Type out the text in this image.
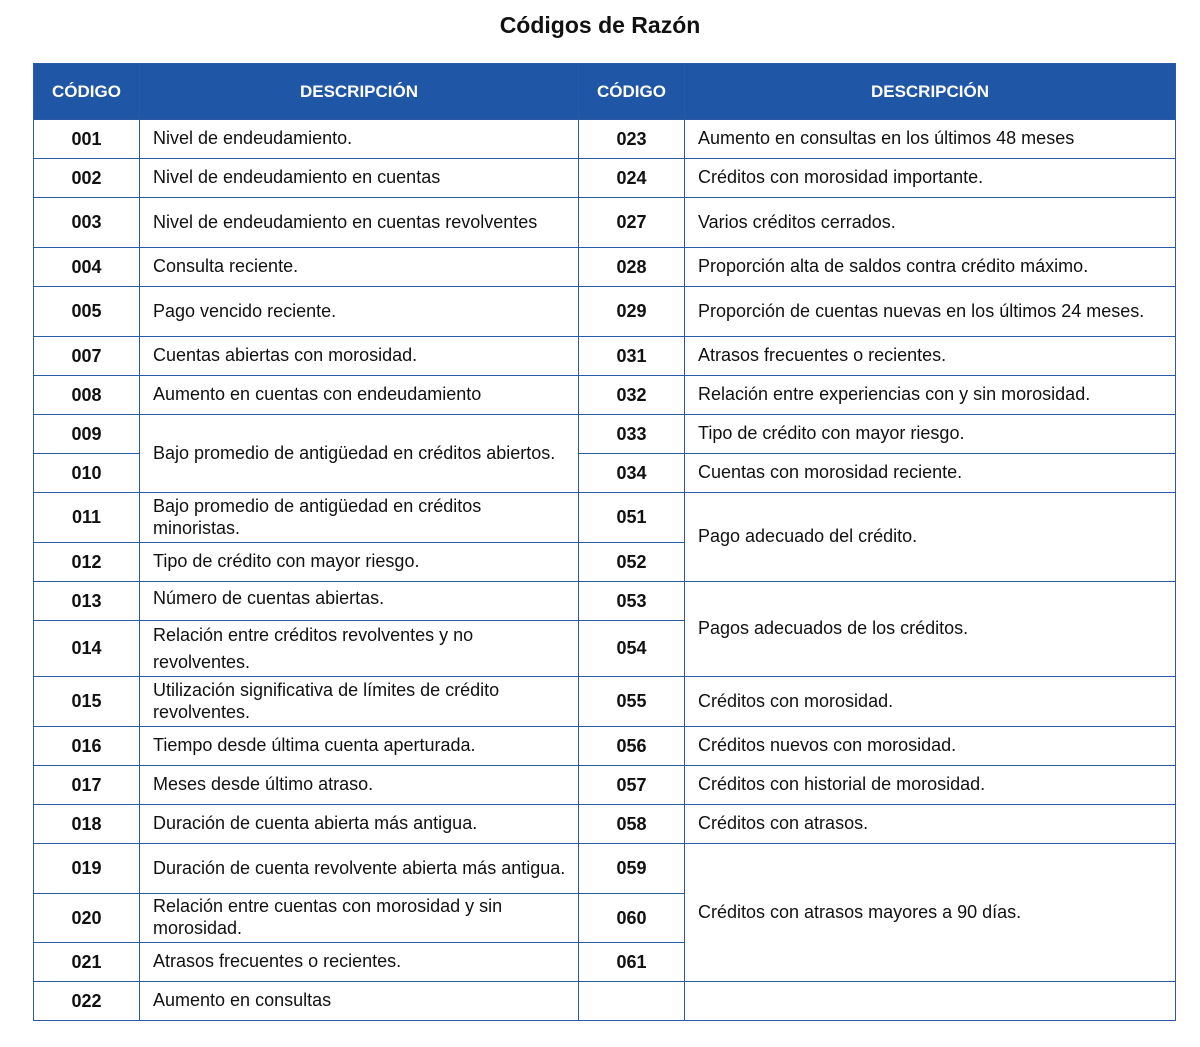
Códigos de Razón
CÓDIGO	DESCRIPCIÓN	CÓDIGO	DESCRIPCIÓN
001	Nivel de endeudamiento.	023	Aumento en consultas en los últimos 48 meses
002	Nivel de endeudamiento en cuentas	024	Créditos con morosidad importante.
003	Nivel de endeudamiento en cuentas revolventes	027	Varios créditos cerrados.
004	Consulta reciente.	028	Proporción alta de saldos contra crédito máximo.
005	Pago vencido reciente.	029	Proporción de cuentas nuevas en los últimos 24 meses.
007	Cuentas abiertas con morosidad.	031	Atrasos frecuentes o recientes.
008	Aumento en cuentas con endeudamiento	032	Relación entre experiencias con y sin morosidad.
009	Bajo promedio de antigüedad en créditos abiertos.	033	Tipo de crédito con mayor riesgo.
010		034	Cuentas con morosidad reciente.
011	Bajo promedio de antigüedad en créditos minoristas.	051	Pago adecuado del crédito.
012	Tipo de crédito con mayor riesgo.	052	
013	Número de cuentas abiertas.	053	Pagos adecuados de los créditos.
014	Relación entre créditos revolventes y no revolventes.	054	
015	Utilización significativa de límites de crédito revolventes.	055	Créditos con morosidad.
016	Tiempo desde última cuenta aperturada.	056	Créditos nuevos con morosidad.
017	Meses desde último atraso.	057	Créditos con historial de morosidad.
018	Duración de cuenta abierta más antigua.	058	Créditos con atrasos.
019	Duración de cuenta revolvente abierta más antigua.	059	Créditos con atrasos mayores a 90 días.
020	Relación entre cuentas con morosidad y sin morosidad.	060	
021	Atrasos frecuentes o recientes.	061	
022	Aumento en consultas		
